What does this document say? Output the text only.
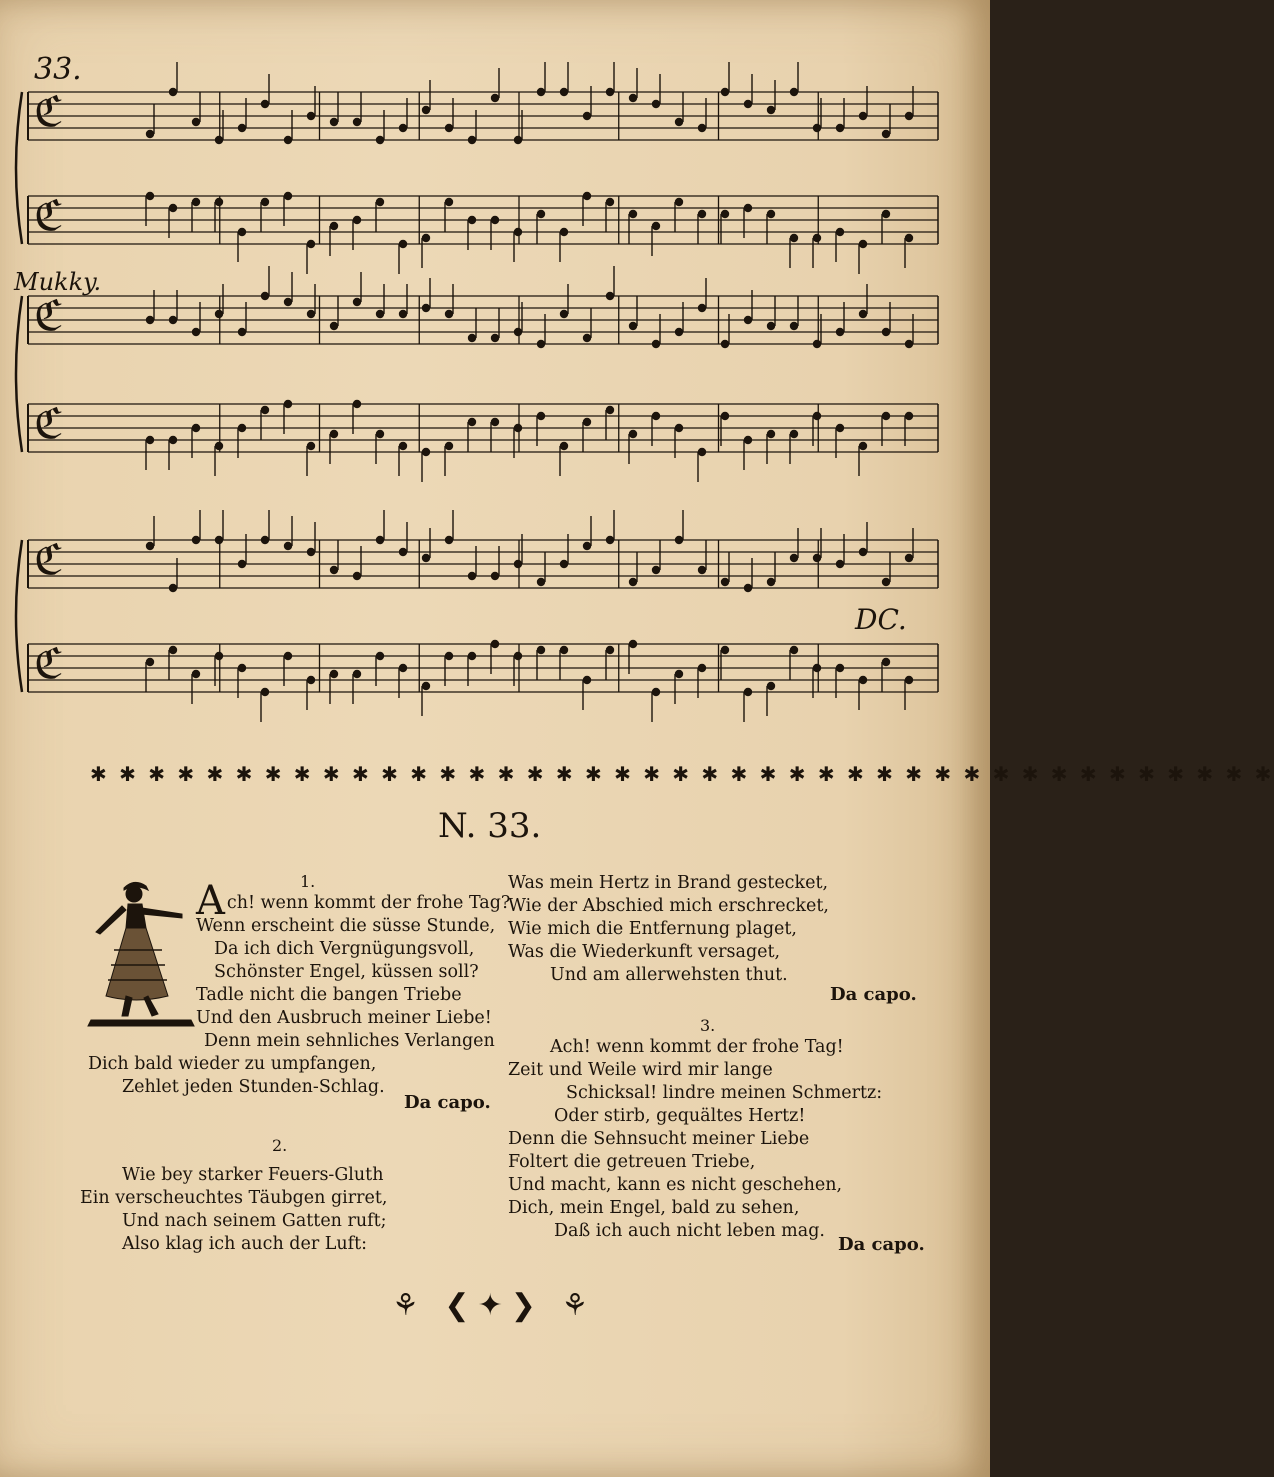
33.
Mukky.
DC.
ℭ
ℭ
ℭ
ℭ
ℭ
ℭ
✱ ✱ ✱ ✱ ✱ ✱ ✱ ✱ ✱ ✱ ✱ ✱ ✱ ✱ ✱ ✱ ✱ ✱ ✱ ✱ ✱ ✱ ✱ ✱ ✱ ✱ ✱ ✱ ✱ ✱ ✱ ✱ ✱ ✱ ✱ ✱ ✱ ✱ ✱ ✱ ✱
N. 33.
1.
A ch! wenn kommt der frohe Tag?
Wenn erscheint die süsse Stunde,
Da ich dich Vergnügungsvoll,
Schönster Engel, küssen soll?
Tadle nicht die bangen Triebe
Und den Ausbruch meiner Liebe!
Denn mein sehnliches Verlangen
Dich bald wieder zu umpfangen,
Zehlet jeden Stunden-Schlag.
Da capo.
2.
Wie bey starker Feuers-Gluth
Ein verscheuchtes Täubgen girret,
Und nach seinem Gatten ruft;
Also klag ich auch der Luft:
Was mein Hertz in Brand gestecket,
Wie der Abschied mich erschrecket,
Wie mich die Entfernung plaget,
Was die Wiederkunft versaget,
Und am allerwehsten thut.
Da capo.
3.
Ach! wenn kommt der frohe Tag!
Zeit und Weile wird mir lange
Schicksal! lindre meinen Schmertz:
Oder stirb, gequältes Hertz!
Denn die Sehnsucht meiner Liebe
Foltert die getreuen Triebe,
Und macht, kann es nicht geschehen,
Dich, mein Engel, bald zu sehen,
Daß ich auch nicht leben mag.
Da capo.
⚘ ❮✦❯ ⚘
